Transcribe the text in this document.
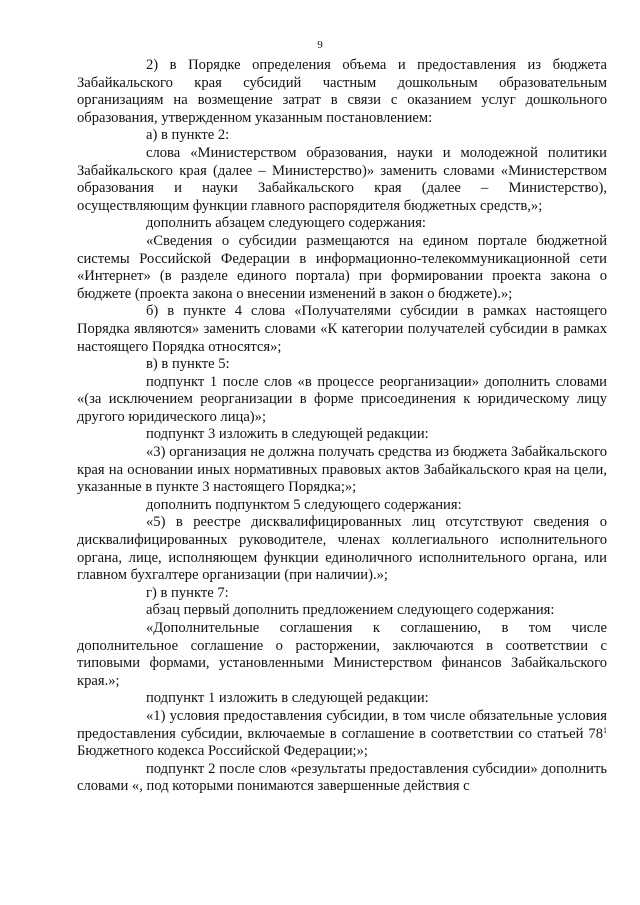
9

2) в Порядке определения объема и предоставления из бюджета Забайкальского края субсидий частным дошкольным образовательным организациям на возмещение затрат в связи с оказанием услуг дошкольного образования, утвержденном указанным постановлением:

а) в пункте 2:

слова «Министерством образования, науки и молодежной политики Забайкальского края (далее – Министерство)» заменить словами «Министерством образования и науки Забайкальского края (далее – Министерство), осуществляющим функции главного распорядителя бюджетных средств,»;

дополнить абзацем следующего содержания:

«Сведения о субсидии размещаются на едином портале бюджетной системы Российской Федерации в информационно-телекоммуникационной сети «Интернет» (в разделе единого портала) при формировании проекта закона о бюджете (проекта закона о внесении изменений в закон о бюджете).»;

б) в пункте 4 слова «Получателями субсидии в рамках настоящего Порядка являются» заменить словами «К категории получателей субсидии в рамках настоящего Порядка относятся»;

в) в пункте 5:

подпункт 1 после слов «в процессе реорганизации» дополнить словами «(за исключением реорганизации в форме присоединения к юридическому лицу другого юридического лица)»;

подпункт 3 изложить в следующей редакции:

«3) организация не должна получать средства из бюджета Забайкальского края на основании иных нормативных правовых актов Забайкальского края на цели, указанные в пункте 3 настоящего Порядка;»;

дополнить подпунктом 5 следующего содержания:

«5) в реестре дисквалифицированных лиц отсутствуют сведения о дисквалифицированных руководителе, членах коллегиального исполнительного органа, лице, исполняющем функции единоличного исполнительного органа, или главном бухгалтере организации (при наличии).»;

г) в пункте 7:

абзац первый дополнить предложением следующего содержания:

«Дополнительные соглашения к соглашению, в том числе дополнительное соглашение о расторжении, заключаются в соответствии с типовыми формами, установленными Министерством финансов Забайкальского края.»;

подпункт 1 изложить в следующей редакции:

«1) условия предоставления субсидии, в том числе обязательные условия предоставления субсидии, включаемые в соглашение в соответствии со статьей $78^1$ Бюджетного кодекса Российской Федерации;»;

подпункт 2 после слов «результаты предоставления субсидии» дополнить словами «, под которыми понимаются завершенные действия с
